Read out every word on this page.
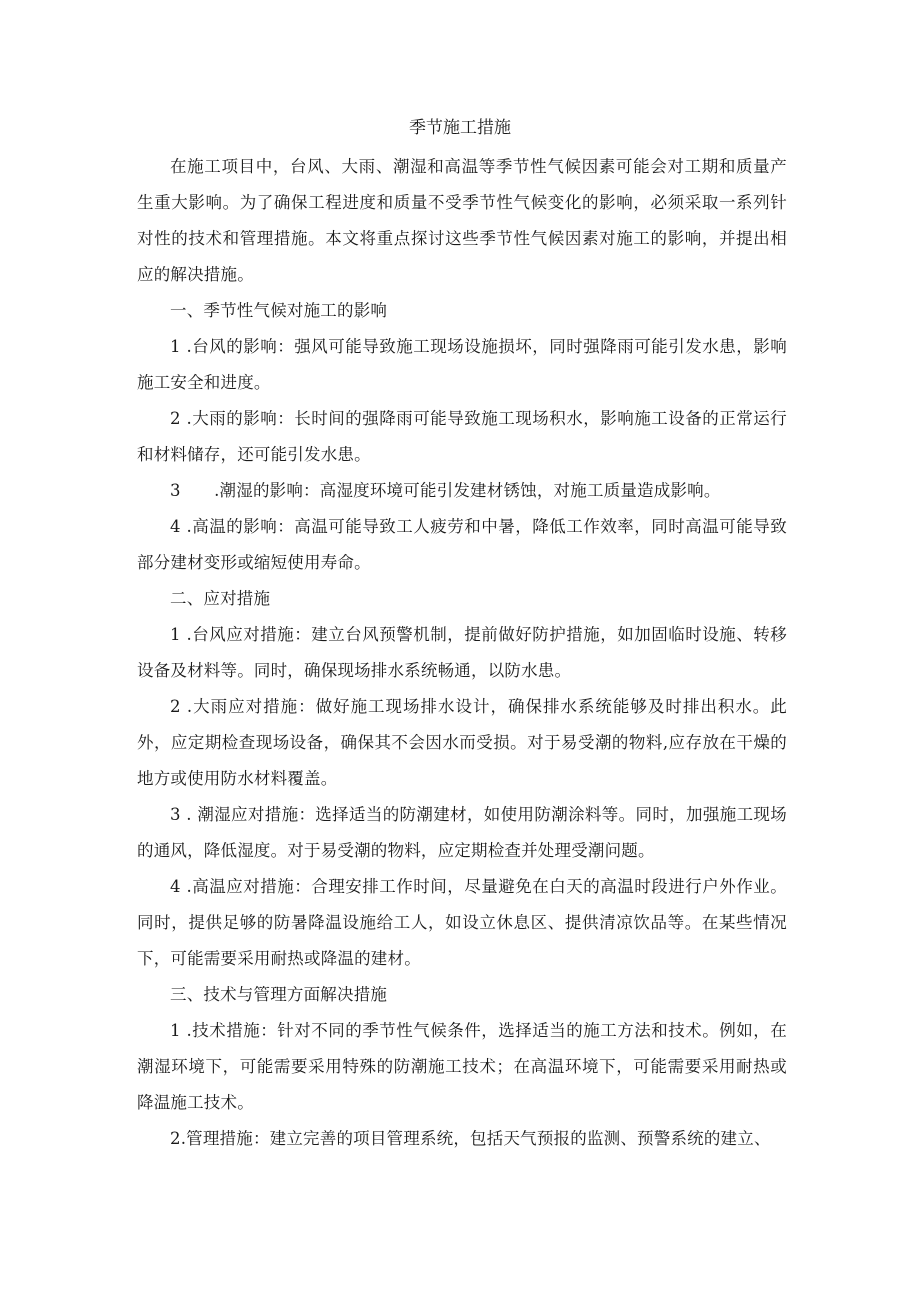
季节施工措施

在施工项目中，台风、大雨、潮湿和高温等季节性气候因素可能会对工期和质量产生重大影响。为了确保工程进度和质量不受季节性气候变化的影响，必须采取一系列针对性的技术和管理措施。本文将重点探讨这些季节性气候因素对施工的影响，并提出相应的解决措施。

一、季节性气候对施工的影响

1 .台风的影响：强风可能导致施工现场设施损坏，同时强降雨可能引发水患，影响施工安全和进度。

2 .大雨的影响：长时间的强降雨可能导致施工现场积水，影响施工设备的正常运行和材料储存，还可能引发水患。

3　　.潮湿的影响：高湿度环境可能引发建材锈蚀，对施工质量造成影响。

4 .高温的影响：高温可能导致工人疲劳和中暑，降低工作效率，同时高温可能导致部分建材变形或缩短使用寿命。

二、应对措施

1 .台风应对措施：建立台风预警机制，提前做好防护措施，如加固临时设施、转移设备及材料等。同时，确保现场排水系统畅通，以防水患。

2 .大雨应对措施：做好施工现场排水设计，确保排水系统能够及时排出积水。此外，应定期检查现场设备，确保其不会因水而受损。对于易受潮的物料,应存放在干燥的地方或使用防水材料覆盖。

3 . 潮湿应对措施：选择适当的防潮建材，如使用防潮涂料等。同时，加强施工现场的通风，降低湿度。对于易受潮的物料，应定期检查并处理受潮问题。

4 .高温应对措施：合理安排工作时间，尽量避免在白天的高温时段进行户外作业。同时，提供足够的防暑降温设施给工人，如设立休息区、提供清凉饮品等。在某些情况下，可能需要采用耐热或降温的建材。

三、技术与管理方面解决措施

1 .技术措施：针对不同的季节性气候条件，选择适当的施工方法和技术。例如，在潮湿环境下，可能需要采用特殊的防潮施工技术；在高温环境下，可能需要采用耐热或降温施工技术。

2.管理措施：建立完善的项目管理系统，包括天气预报的监测、预警系统的建立、
